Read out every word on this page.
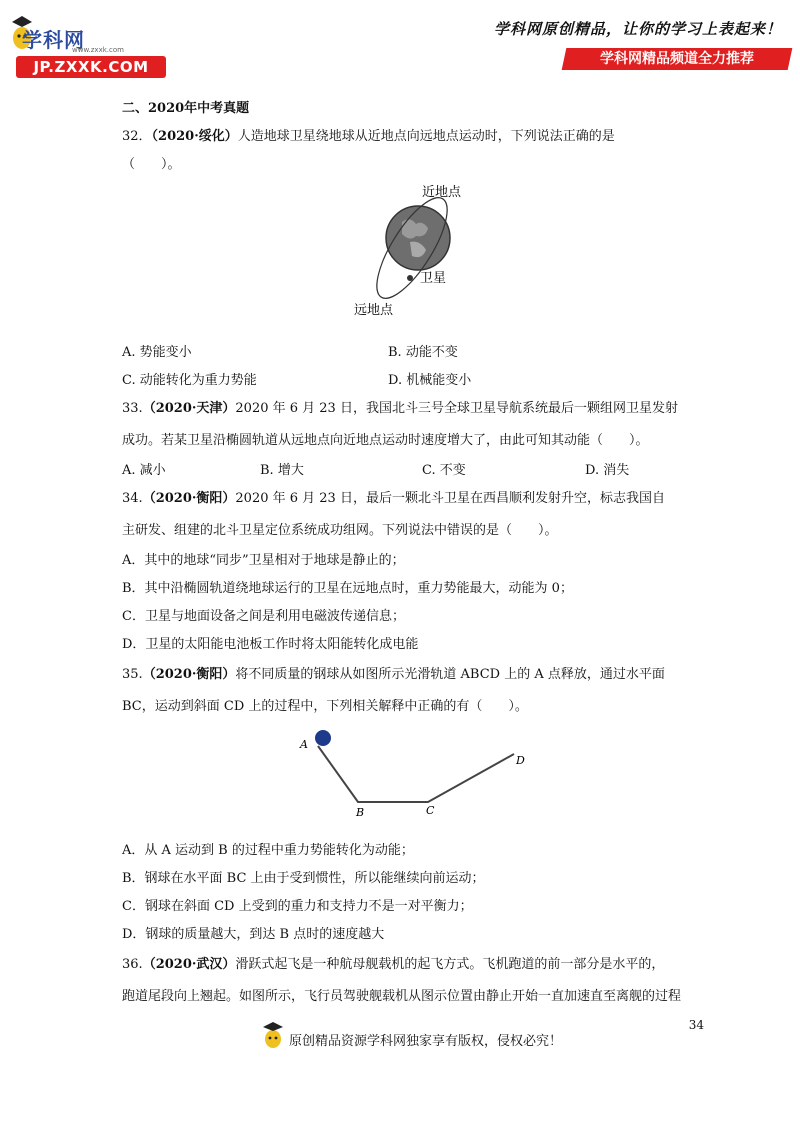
学科网
www.zxxk.com
JP.ZXXK.COM
学科网原创精品，让你的学习上表起来！
学科网精品频道全力推荐
二、2020年中考真题
32．（2020·绥化）人造地球卫星绕地球从近地点向远地点运动时，下列说法正确的是
（　　）。
近地点
卫星
远地点
A. 势能变小	B. 动能不变
C. 动能转化为重力势能	D. 机械能变小
33.（2020·天津）2020 年 6 月 23 日，我国北斗三号全球卫星导航系统最后一颗组网卫星发射
成功。若某卫星沿椭圆轨道从远地点向近地点运动时速度增大了，由此可知其动能（　　）。
A. 减小	B. 增大	C. 不变	D. 消失
34.（2020·衡阳）2020 年 6 月 23 日，最后一颗北斗卫星在西昌顺利发射升空，标志我国自
主研发、组建的北斗卫星定位系统成功组网。下列说法中错误的是（　　）。
A．其中的地球“同步”卫星相对于地球是静止的；
B．其中沿椭圆轨道绕地球运行的卫星在远地点时，重力势能最大，动能为 0；
C．卫星与地面设备之间是利用电磁波传递信息；
D．卫星的太阳能电池板工作时将太阳能转化成电能
35.（2020·衡阳）将不同质量的钢球从如图所示光滑轨道 ABCD 上的 A 点释放，通过水平面
BC，运动到斜面 CD 上的过程中，下列相关解释中正确的有（　　）。
A
B	C
D
A．从 A 运动到 B 的过程中重力势能转化为动能；
B．钢球在水平面 BC 上由于受到惯性，所以能继续向前运动；
C．钢球在斜面 CD 上受到的重力和支持力不是一对平衡力；
D．钢球的质量越大，到达 B 点时的速度越大
36.（2020·武汉）滑跃式起飞是一种航母舰载机的起飞方式。飞机跑道的前一部分是水平的，
跑道尾段向上翘起。如图所示，飞行员驾驶舰载机从图示位置由静止开始一直加速直至离舰的过程
34
原创精品资源学科网独家享有版权，侵权必究！
